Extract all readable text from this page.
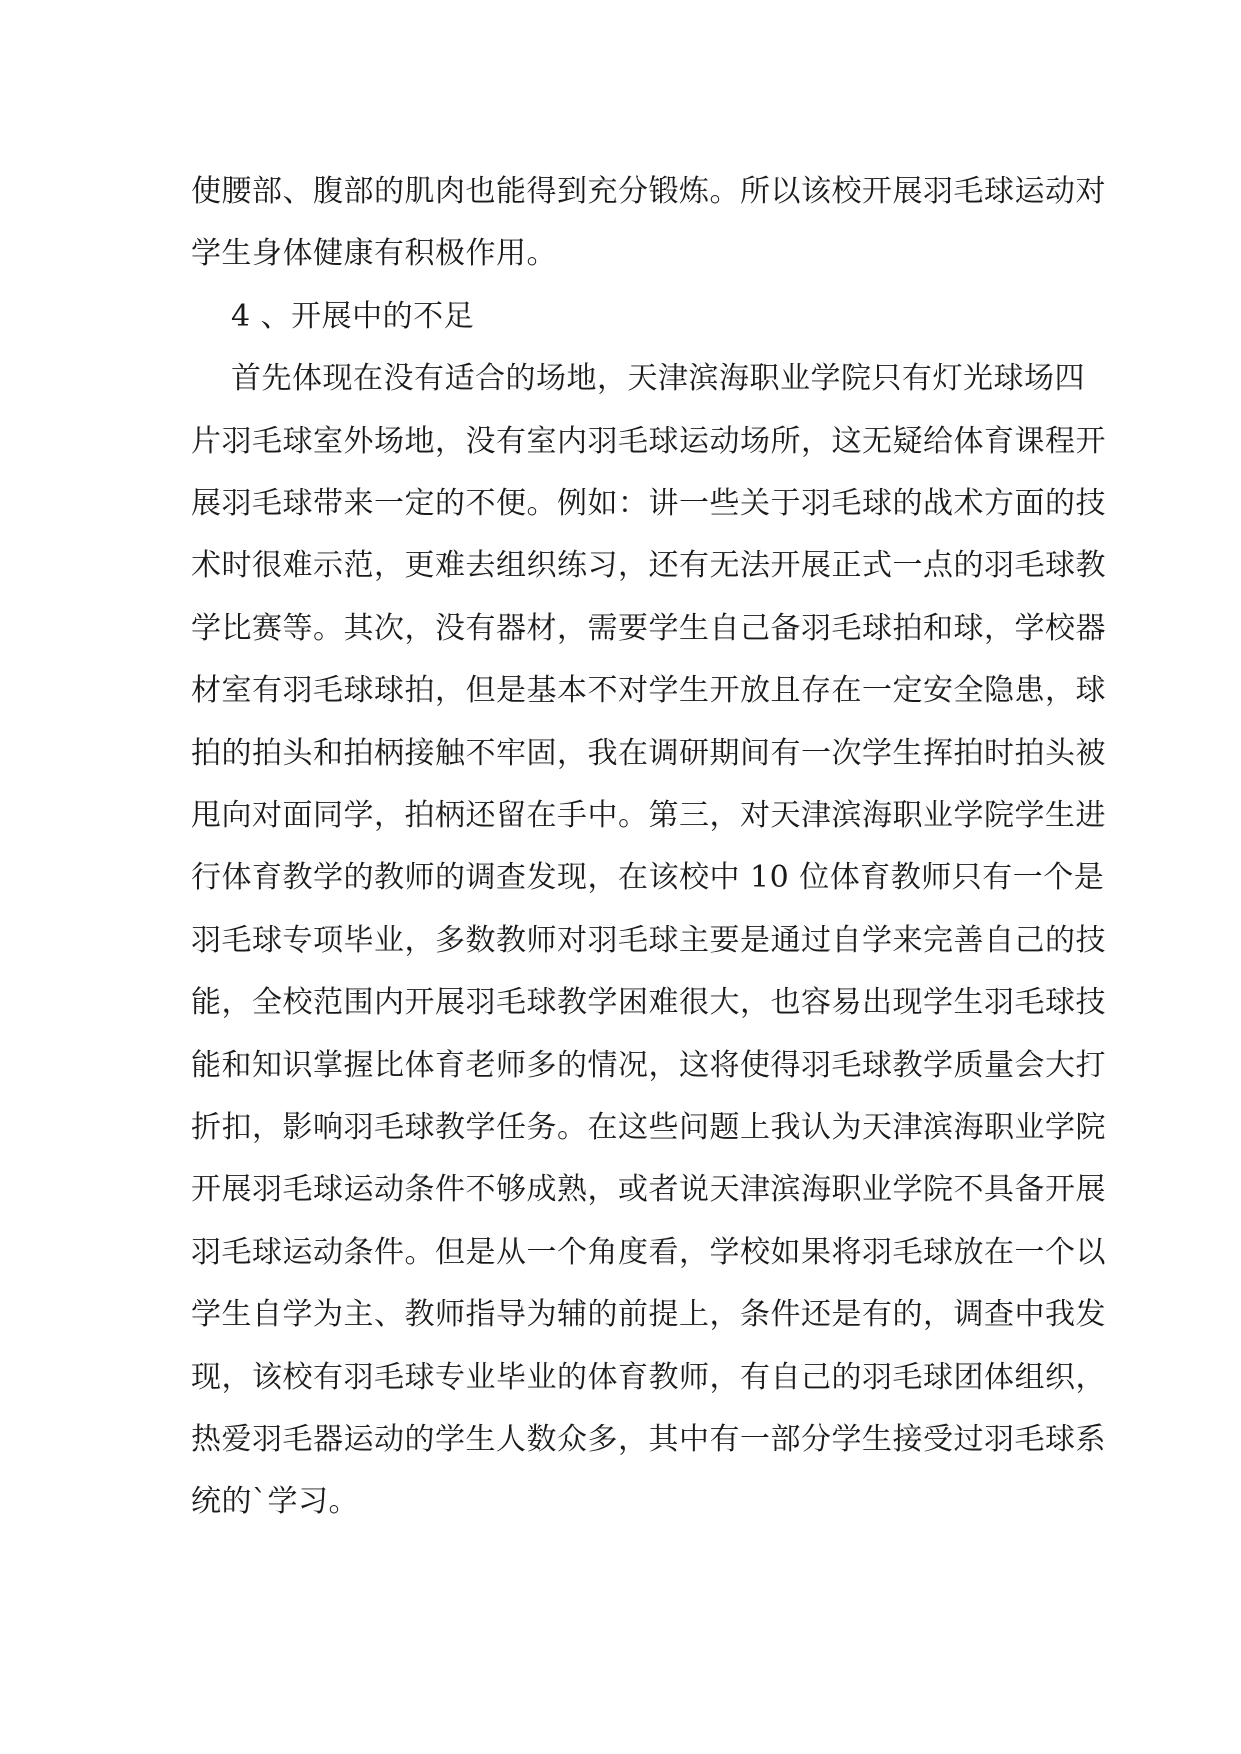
使腰部、腹部的肌肉也能得到充分锻炼。所以该校开展羽毛球运动对
学生身体健康有积极作用。
4 、开展中的不足
首先体现在没有适合的场地，天津滨海职业学院只有灯光球场四
片羽毛球室外场地，没有室内羽毛球运动场所，这无疑给体育课程开
展羽毛球带来一定的不便。例如：讲一些关于羽毛球的战术方面的技
术时很难示范，更难去组织练习，还有无法开展正式一点的羽毛球教
学比赛等。其次，没有器材，需要学生自己备羽毛球拍和球，学校器
材室有羽毛球球拍，但是基本不对学生开放且存在一定安全隐患，球
拍的拍头和拍柄接触不牢固，我在调研期间有一次学生挥拍时拍头被
甩向对面同学，拍柄还留在手中。第三，对天津滨海职业学院学生进
行体育教学的教师的调查发现，在该校中 10 位体育教师只有一个是
羽毛球专项毕业，多数教师对羽毛球主要是通过自学来完善自己的技
能，全校范围内开展羽毛球教学困难很大，也容易出现学生羽毛球技
能和知识掌握比体育老师多的情况，这将使得羽毛球教学质量会大打
折扣，影响羽毛球教学任务。在这些问题上我认为天津滨海职业学院
开展羽毛球运动条件不够成熟，或者说天津滨海职业学院不具备开展
羽毛球运动条件。但是从一个角度看，学校如果将羽毛球放在一个以
学生自学为主、教师指导为辅的前提上，条件还是有的，调查中我发
现，该校有羽毛球专业毕业的体育教师，有自己的羽毛球团体组织，
热爱羽毛器运动的学生人数众多，其中有一部分学生接受过羽毛球系
统的`学习。
